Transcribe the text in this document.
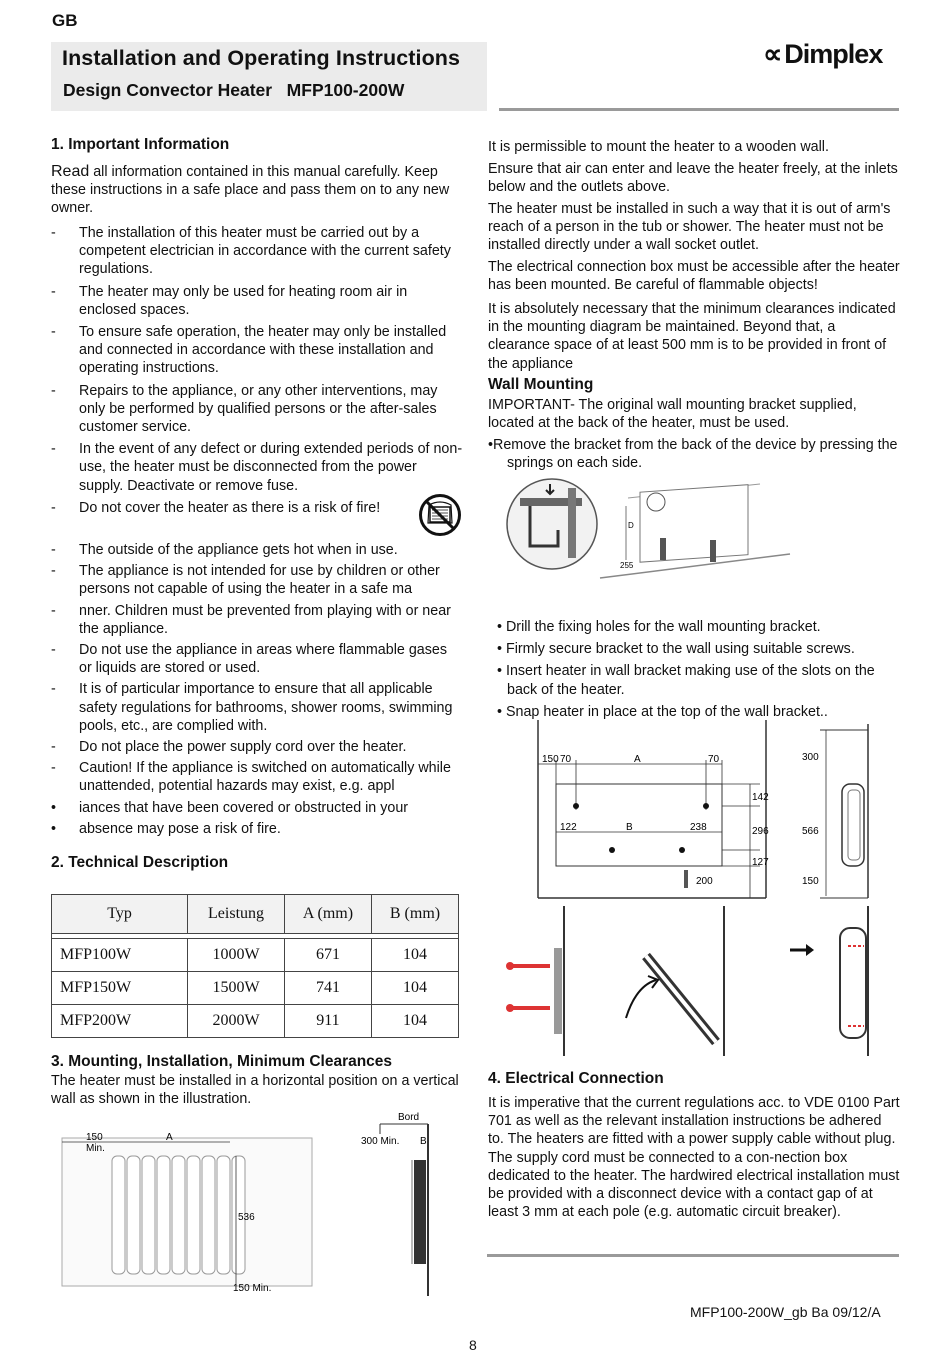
GB
Installation and Operating Instructions
Design Convector Heater   MFP100-200W
∝ Dimplex
1. Important Information
Read all information contained in this manual carefully. Keep these instructions in a safe place and pass them on to any new owner.
- The installation of this heater must be carried out by a competent electrician in accordance with the current safety regulations.
- The heater may only be used for heating room air in enclosed spaces.
- To ensure safe operation, the heater may only be installed and connected in accordance with these installation and operating instructions.
- Repairs to the appliance, or any other interventions, may only be performed by qualified persons or the after-sales customer service.
- In the event of any defect or during extended periods of non-use, the heater must be disconnected from the power supply. Deactivate or remove fuse.
- Do not cover the heater as there is a risk of fire!
- The outside of the appliance gets hot when in use.
- The appliance is not intended for use by children or other persons not capable of using the heater in a safe ma
- nner. Children must be prevented from playing with or near the appliance.
- Do not use the appliance in areas where flammable gases or liquids are stored or used.
- It is of particular importance to ensure that all applicable safety regulations for bathrooms, shower rooms, swimming pools, etc., are complied with.
- Do not place the power supply cord over the heater.
- Caution! If the appliance is switched on automatically while unattended, potential hazards may exist, e.g. appl
• iances that have been covered or obstructed in your
• absence may pose a risk of fire.
2. Technical Description
Typ	Leistung	A (mm)	B (mm)

MFP100W	1000W	671	104
MFP150W	1500W	741	104
MFP200W	2000W	911	104
3. Mounting, Installation, Minimum Clearances
The heater must be installed in a horizontal position on a vertical wall as shown in the illustration.
150
Min.
A
536
150 Min.
Bord
300 Min. B
It is permissible to mount the heater to a wooden wall.
Ensure that air can enter and leave the heater freely, at the inlets below and the outlets above.
The heater must be installed in such a way that it is out of arm's reach of a person in the tub or shower. The heater must not be installed directly under a wall socket outlet.
The electrical connection box must be accessible after the heater has been mounted. Be careful of flammable objects!
It is absolutely necessary that the minimum clearances indicated in the mounting diagram be maintained. Beyond that, a clearance space of at least 500 mm is to be provided in front of the appliance
Wall Mounting
IMPORTANT- The original wall mounting bracket supplied, located at the back of the heater, must be used.
•Remove the bracket from the back of the device by pressing the springs on each side.
D
255
• Drill the fixing holes for the wall mounting bracket.
• Firmly secure bracket to the wall using suitable screws.
• Insert heater in wall bracket making use of the slots on the back of the heater.
• Snap heater in place at the top of the wall bracket..
150 70	A	70
122	B	238
142
296
127
200
300
566
150
4. Electrical Connection
It is imperative that the current regulations acc. to VDE 0100 Part 701 as well as the relevant installation instructions be adhered to. The heaters are fitted with a power supply cable without plug. The supply cord must be connected to a con-nection box dedicated to the heater. The hardwired electrical installation must be provided with a disconnect device with a contact gap of at least 3 mm at each pole (e.g. automatic circuit breaker).
MFP100-200W_gb Ba 09/12/A
8
